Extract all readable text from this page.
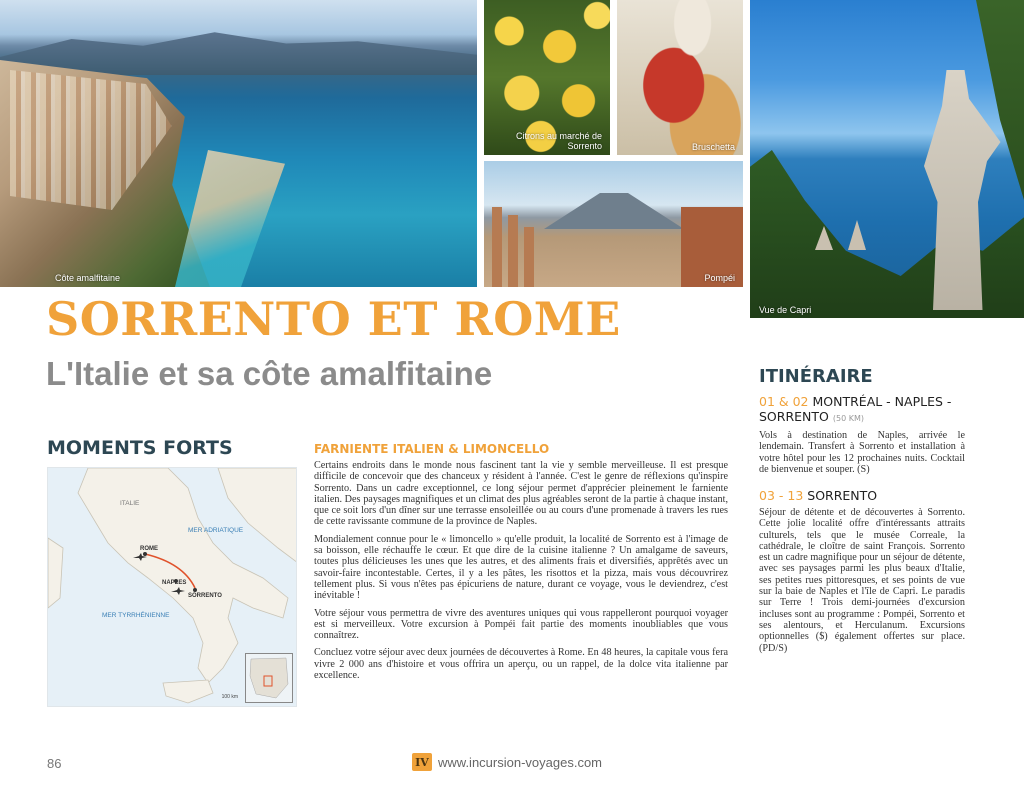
Côte amalfitaine
Citrons au marché de Sorrento	Bruschetta
Pompéi
Vue de Capri
SORRENTO ET ROME
L'Italie et sa côte amalfitaine
MOMENTS FORTS
ITALIE
MER ADRIATIQUE
MER TYRRHÉNIENNE
ROME
NAPLES
SORRENTO
100 km
FARNIENTE ITALIEN & LIMONCELLO

Certains endroits dans le monde nous fascinent tant la vie y semble merveilleuse. Il est presque difficile de concevoir que des chanceux y résident à l'année. C'est le genre de réflexions qu'inspire Sorrento. Dans un cadre exceptionnel, ce long séjour permet d'apprécier pleinement le farniente italien. Des paysages magnifiques et un climat des plus agréables seront de la partie à chaque instant, que ce soit lors d'un dîner sur une terrasse ensoleillée ou au cours d'une promenade à travers les rues de cette ravissante commune de la province de Naples.

Mondialement connue pour le « limoncello » qu'elle produit, la localité de Sorrento est à l'image de sa boisson, elle réchauffe le cœur. Et que dire de la cuisine italienne ? Un amalgame de saveurs, toutes plus délicieuses les unes que les autres, et des aliments frais et diversifiés, apprêtés avec un savoir-faire incontestable. Certes, il y a les pâtes, les risottos et la pizza, mais vous découvrirez tellement plus. Si vous n'êtes pas épicuriens de nature, durant ce voyage, vous le deviendrez, c'est inévitable !

Votre séjour vous permettra de vivre des aventures uniques qui vous rappelleront pourquoi voyager est si merveilleux. Votre excursion à Pompéi fait partie des moments inoubliables que vous connaîtrez.

Concluez votre séjour avec deux journées de découvertes à Rome. En 48 heures, la capitale vous fera vivre 2 000 ans d'histoire et vous offrira un aperçu, ou un rappel, de la dolce vita italienne par excellence.

ITINÉRAIRE
01 & 02 MONTRÉAL - NAPLES - SORRENTO (50 KM)
Vols à destination de Naples, arrivée le lendemain. Transfert à Sorrento et installation à votre hôtel pour les 12 prochaines nuits. Cocktail de bienvenue et souper. (S)
03 - 13 SORRENTO
Séjour de détente et de découvertes à Sorrento. Cette jolie localité offre d'intéressants attraits culturels, tels que le musée Correale, la cathédrale, le cloître de saint François. Sorrento est un cadre magnifique pour un séjour de détente, avec ses paysages parmi les plus beaux d'Italie, ses petites rues pittoresques, et ses points de vue sur la baie de Naples et l'île de Capri. Le paradis sur Terre ! Trois demi-journées d'excursion incluses sont au programme : Pompéi, Sorrento et ses alentours, et Herculanum. Excursions optionnelles ($) également offertes sur place. (PD/S)
86	IV www.incursion-voyages.com
